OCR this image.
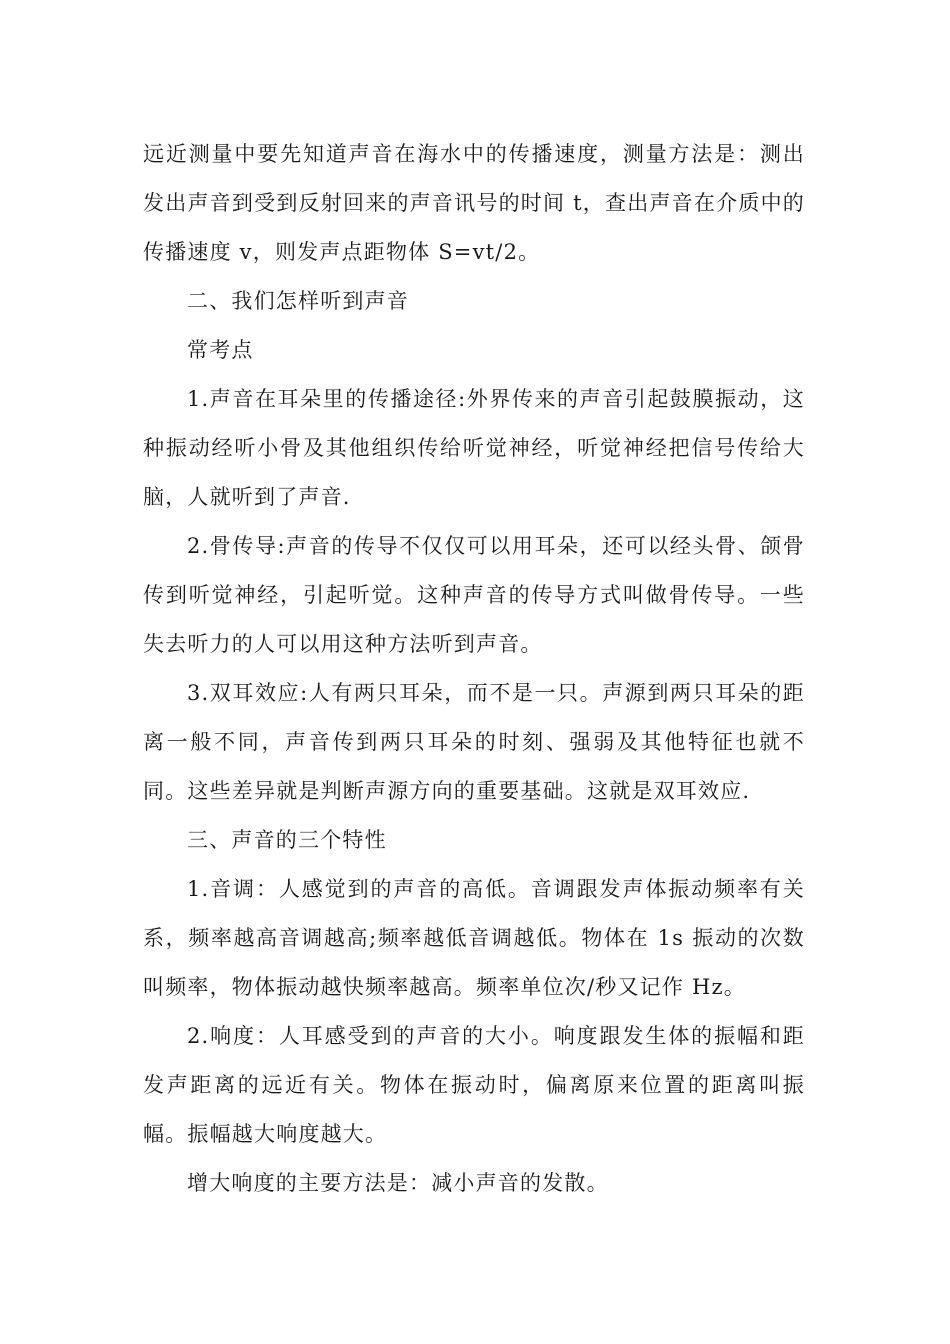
远近测量中要先知道声音在海水中的传播速度，测量方法是：测出发出声音到受到反射回来的声音讯号的时间 t，查出声音在介质中的传播速度 v，则发声点距物体 S=vt/2。

二、我们怎样听到声音

常考点

1.声音在耳朵里的传播途径:外界传来的声音引起鼓膜振动，这种振动经听小骨及其他组织传给听觉神经，听觉神经把信号传给大脑，人就听到了声音.

2.骨传导:声音的传导不仅仅可以用耳朵，还可以经头骨、颌骨传到听觉神经，引起听觉。这种声音的传导方式叫做骨传导。一些失去听力的人可以用这种方法听到声音。

3.双耳效应:人有两只耳朵，而不是一只。声源到两只耳朵的距离一般不同，声音传到两只耳朵的时刻、强弱及其他特征也就不同。这些差异就是判断声源方向的重要基础。这就是双耳效应.

三、声音的三个特性

1.音调：人感觉到的声音的高低。音调跟发声体振动频率有关系，频率越高音调越高;频率越低音调越低。物体在 1s 振动的次数叫频率，物体振动越快频率越高。频率单位次/秒又记作 Hz。

2.响度：人耳感受到的声音的大小。响度跟发生体的振幅和距发声距离的远近有关。物体在振动时，偏离原来位置的距离叫振幅。振幅越大响度越大。

增大响度的主要方法是：减小声音的发散。
